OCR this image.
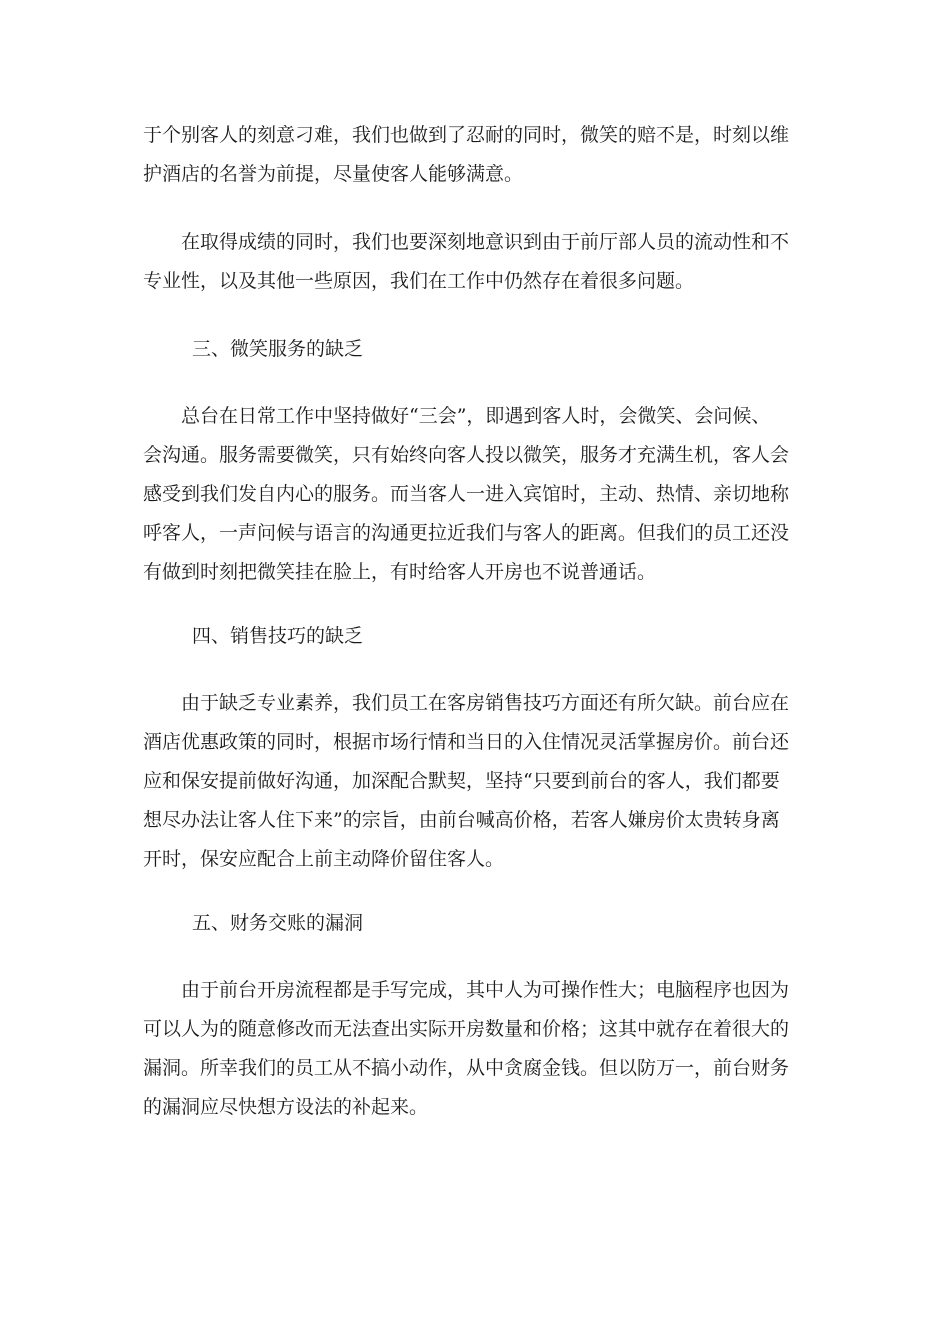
于个别客人的刻意刁难，我们也做到了忍耐的同时，微笑的赔不是，时刻以维
护酒店的名誉为前提，尽量使客人能够满意。

　　在取得成绩的同时，我们也要深刻地意识到由于前厅部人员的流动性和不
专业性，以及其他一些原因，我们在工作中仍然存在着很多问题。

三、微笑服务的缺乏

　　总台在日常工作中坚持做好“三会”，即遇到客人时，会微笑、会问候、
会沟通。服务需要微笑，只有始终向客人投以微笑，服务才充满生机，客人会
感受到我们发自内心的服务。而当客人一进入宾馆时，主动、热情、亲切地称
呼客人，一声问候与语言的沟通更拉近我们与客人的距离。但我们的员工还没
有做到时刻把微笑挂在脸上，有时给客人开房也不说普通话。

四、销售技巧的缺乏

　　由于缺乏专业素养，我们员工在客房销售技巧方面还有所欠缺。前台应在
酒店优惠政策的同时，根据市场行情和当日的入住情况灵活掌握房价。前台还
应和保安提前做好沟通，加深配合默契，坚持“只要到前台的客人，我们都要
想尽办法让客人住下来”的宗旨，由前台喊高价格，若客人嫌房价太贵转身离
开时，保安应配合上前主动降价留住客人。

五、财务交账的漏洞

　　由于前台开房流程都是手写完成，其中人为可操作性大；电脑程序也因为
可以人为的随意修改而无法查出实际开房数量和价格；这其中就存在着很大的
漏洞。所幸我们的员工从不搞小动作，从中贪腐金钱。但以防万一，前台财务
的漏洞应尽快想方设法的补起来。
